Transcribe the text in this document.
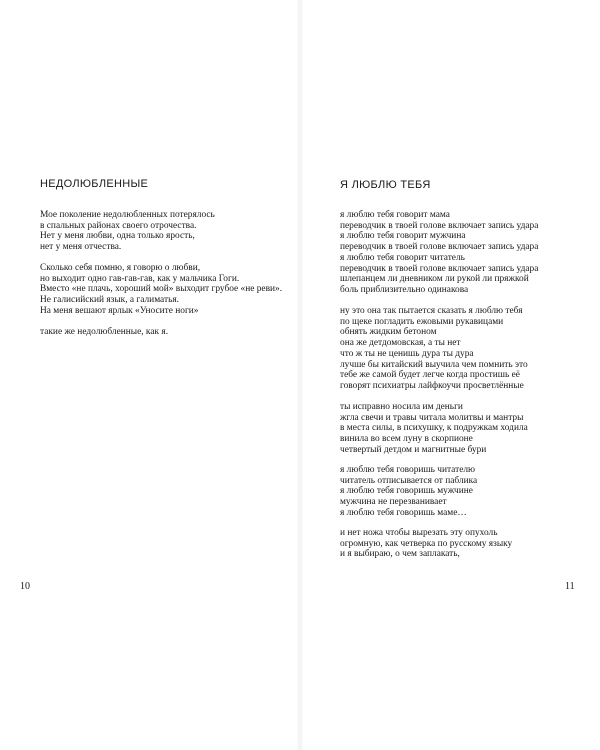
НЕДОЛЮБЛЕННЫЕ
Мое поколение недолюбленных потерялось
в спальных районах своего отрочества.
Нет у меня любви, одна только ярость,
нет у меня отчества.
Сколько себя помню, я говорю о любви,
но выходит одно гав-гав-гав, как у мальчика Гоги.
Вместо «не плачь, хороший мой» выходит грубое «не реви».
Не галисийский язык, а галиматья.
На меня вешают ярлык «Уносите ноги»
такие же недолюбленные, как я.

10

Я ЛЮБЛЮ ТЕБЯ
я люблю тебя говорит мама
переводчик в твоей голове включает запись удара
я люблю тебя говорит мужчина
переводчик в твоей голове включает запись удара
я люблю тебя говорит читатель
переводчик в твоей голове включает запись удара
шлепанцем ли дневником ли рукой ли пряжкой
боль приблизительно одинакова
ну это она так пытается сказать я люблю тебя
по щеке погладить ежовыми рукавицами
обнять жидким бетоном
она же детдомовская, а ты нет
что ж ты не ценишь дура ты дура
лучше бы китайский выучила чем помнить это
тебе же самой будет легче когда простишь её
говорят психиатры лайфкоучи просветлённые
ты исправно носила им деньги
жгла свечи и травы читала молитвы и мантры
в места силы, в психушку, к подружкам ходила
винила во всем луну в скорпионе
четвертый детдом и магнитные бури
я люблю тебя говоришь читателю
читатель отписывается от паблика
я люблю тебя говоришь мужчине
мужчина не перезванивает
я люблю тебя говоришь маме…
и нет ножа чтобы вырезать эту опухоль
огромную, как четверка по русскому языку
и я выбираю, о чем заплакать,

11
